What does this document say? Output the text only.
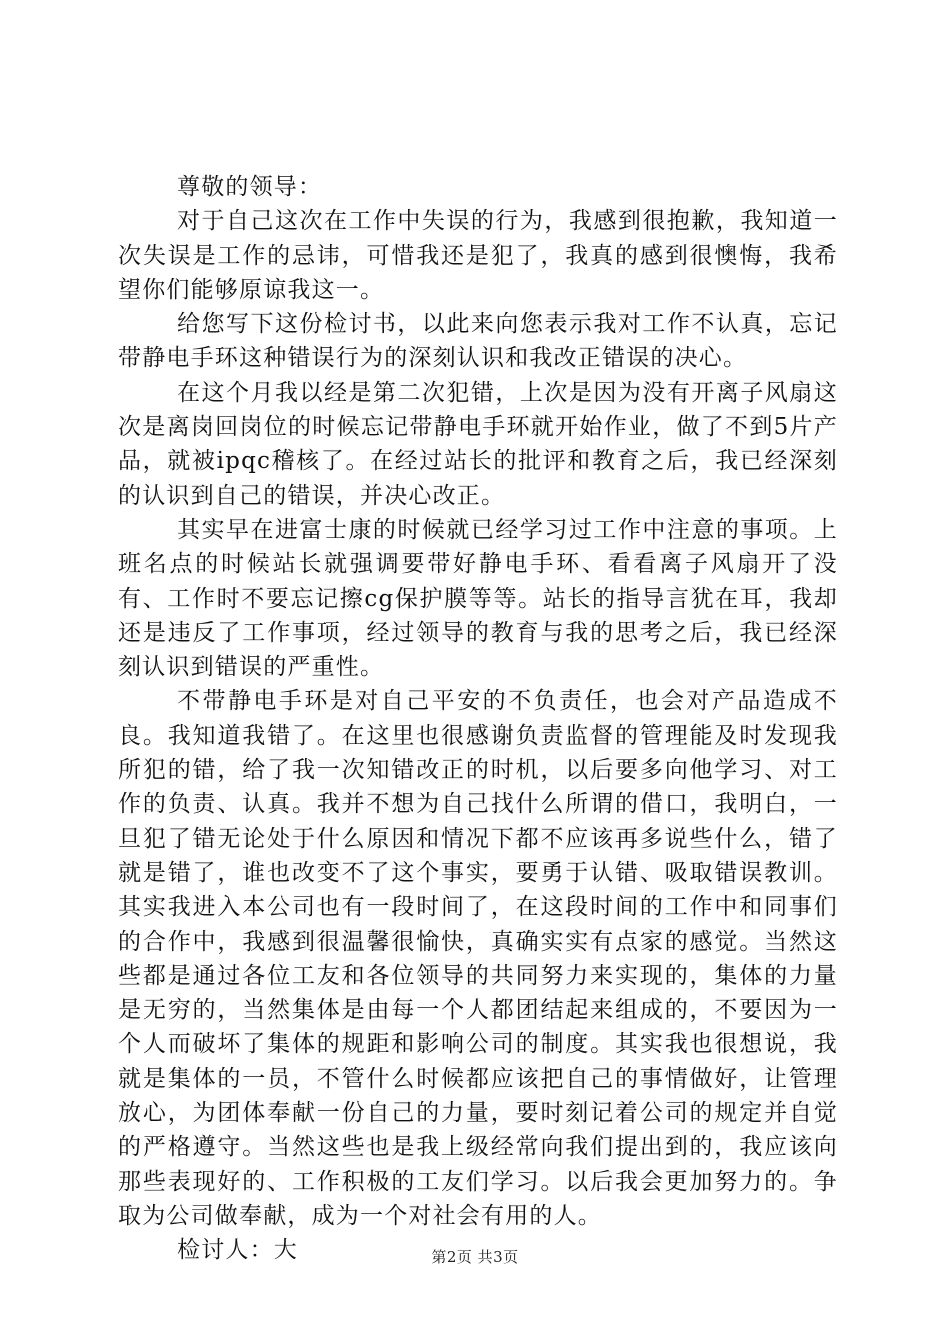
尊敬的领导：

对于自己这次在工作中失误的行为，我感到很抱歉，我知道一次失误是工作的忌讳，可惜我还是犯了，我真的感到很懊悔，我希望你们能够原谅我这一。

给您写下这份检讨书，以此来向您表示我对工作不认真，忘记带静电手环这种错误行为的深刻认识和我改正错误的决心。

在这个月我以经是第二次犯错，上次是因为没有开离子风扇这次是离岗回岗位的时候忘记带静电手环就开始作业，做了不到5片产品，就被ipqc稽核了。在经过站长的批评和教育之后，我已经深刻的认识到自己的错误，并决心改正。

其实早在进富士康的时候就已经学习过工作中注意的事项。上班名点的时候站长就强调要带好静电手环、看看离子风扇开了没有、工作时不要忘记擦cg保护膜等等。站长的指导言犹在耳，我却还是违反了工作事项，经过领导的教育与我的思考之后，我已经深刻认识到错误的严重性。

不带静电手环是对自己平安的不负责任，也会对产品造成不良。我知道我错了。在这里也很感谢负责监督的管理能及时发现我所犯的错，给了我一次知错改正的时机，以后要多向他学习、对工作的负责、认真。我并不想为自己找什么所谓的借口，我明白，一旦犯了错无论处于什么原因和情况下都不应该再多说些什么，错了就是错了，谁也改变不了这个事实，要勇于认错、吸取错误教训。其实我进入本公司也有一段时间了，在这段时间的工作中和同事们的合作中，我感到很温馨很愉快，真确实实有点家的感觉。当然这些都是通过各位工友和各位领导的共同努力来实现的，集体的力量是无穷的，当然集体是由每一个人都团结起来组成的，不要因为一个人而破坏了集体的规距和影响公司的制度。其实我也很想说，我就是集体的一员，不管什么时候都应该把自己的事情做好，让管理放心，为团体奉献一份自己的力量，要时刻记着公司的规定并自觉的严格遵守。当然这些也是我上级经常向我们提出到的，我应该向那些表现好的、工作积极的工友们学习。以后我会更加努力的。争取为公司做奉献，成为一个对社会有用的人。

检讨人：大	第2页 共3页
